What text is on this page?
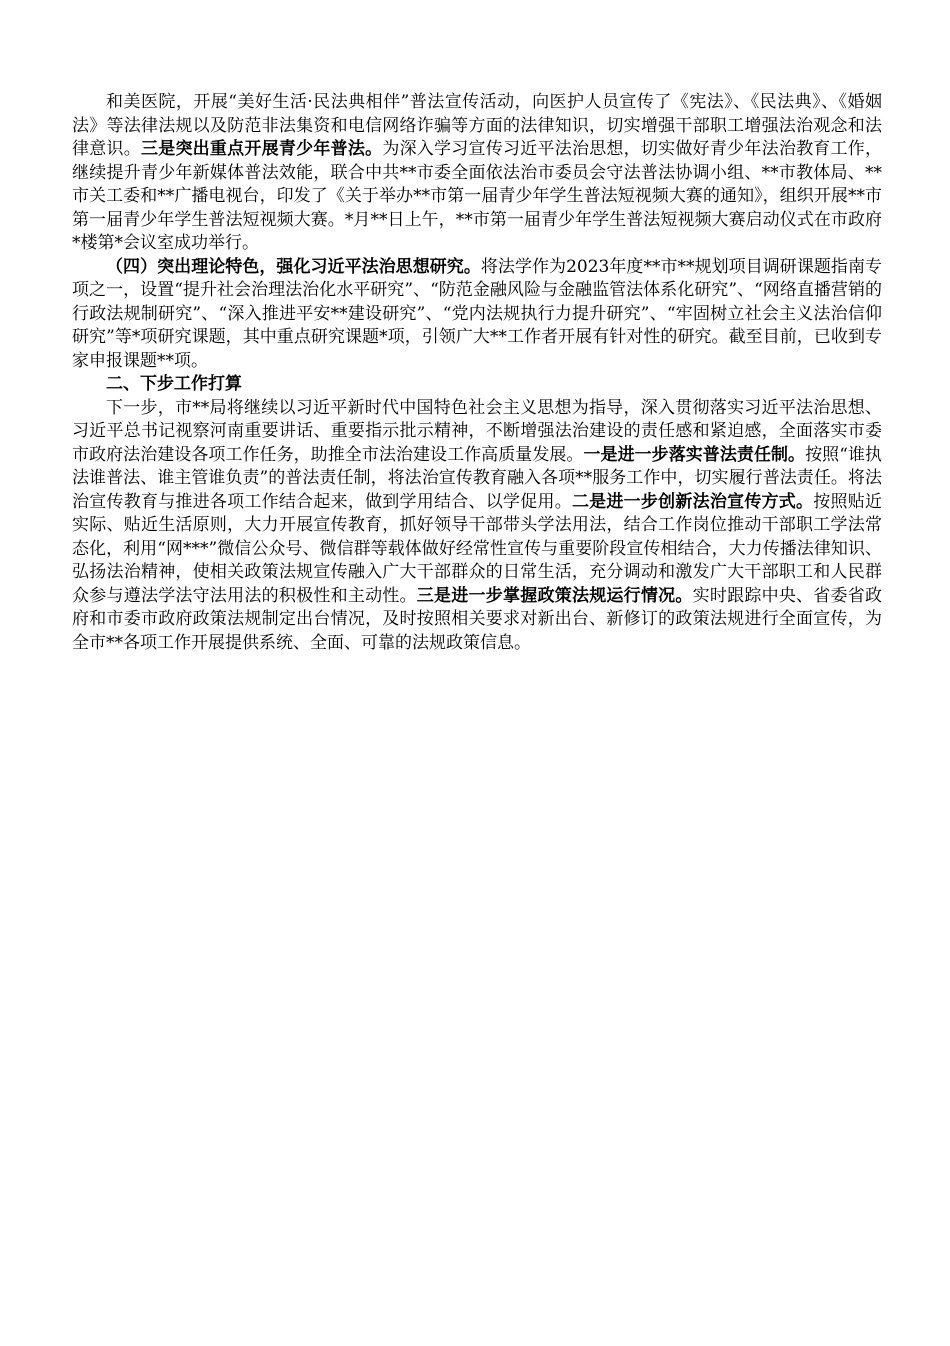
和美医院，开展“美好生活·民法典相伴”普法宣传活动，向医护人员宣传了《宪法》、《民法典》、《婚姻法》等法律法规以及防范非法集资和电信网络诈骗等方面的法律知识，切实增强干部职工增强法治观念和法律意识。三是突出重点开展青少年普法。为深入学习宣传习近平法治思想，切实做好青少年法治教育工作，继续提升青少年新媒体普法效能，联合中共**市委全面依法治市委员会守法普法协调小组、**市教体局、**市关工委和**广播电视台，印发了《关于举办**市第一届青少年学生普法短视频大赛的通知》，组织开展**市第一届青少年学生普法短视频大赛。*月**日上午，**市第一届青少年学生普法短视频大赛启动仪式在市政府*楼第*会议室成功举行。

（四）突出理论特色，强化习近平法治思想研究。将法学作为2023年度**市**规划项目调研课题指南专项之一，设置“提升社会治理法治化水平研究”、“防范金融风险与金融监管法体系化研究”、“网络直播营销的行政法规制研究”、“深入推进平安**建设研究”、“党内法规执行力提升研究”、“牢固树立社会主义法治信仰研究”等*项研究课题，其中重点研究课题*项，引领广大**工作者开展有针对性的研究。截至目前，已收到专家申报课题**项。

二、下步工作打算

下一步，市**局将继续以习近平新时代中国特色社会主义思想为指导，深入贯彻落实习近平法治思想、习近平总书记视察河南重要讲话、重要指示批示精神，不断增强法治建设的责任感和紧迫感，全面落实市委市政府法治建设各项工作任务，助推全市法治建设工作高质量发展。一是进一步落实普法责任制。按照“谁执法谁普法、谁主管谁负责”的普法责任制，将法治宣传教育融入各项**服务工作中，切实履行普法责任。将法治宣传教育与推进各项工作结合起来，做到学用结合、以学促用。二是进一步创新法治宣传方式。按照贴近实际、贴近生活原则，大力开展宣传教育，抓好领导干部带头学法用法，结合工作岗位推动干部职工学法常态化，利用“网***”微信公众号、微信群等载体做好经常性宣传与重要阶段宣传相结合，大力传播法律知识、弘扬法治精神，使相关政策法规宣传融入广大干部群众的日常生活，充分调动和激发广大干部职工和人民群众参与遵法学法守法用法的积极性和主动性。三是进一步掌握政策法规运行情况。实时跟踪中央、省委省政府和市委市政府政策法规制定出台情况，及时按照相关要求对新出台、新修订的政策法规进行全面宣传，为全市**各项工作开展提供系统、全面、可靠的法规政策信息。
